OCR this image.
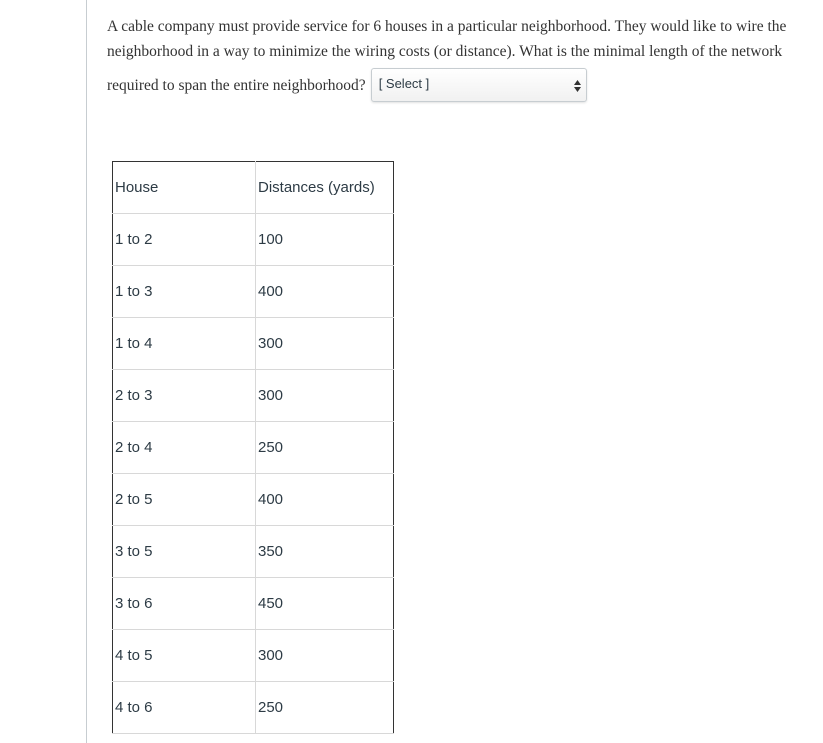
A cable company must provide service for 6 houses in a particular neighborhood. They would like to wire the
neighborhood in a way to minimize the wiring costs (or distance). What is the minimal length of the network
required to span the entire neighborhood? [ Select ]
House	Distances (yards)
1 to 2	100
1 to 3	400
1 to 4	300
2 to 3	300
2 to 4	250
2 to 5	400
3 to 5	350
3 to 6	450
4 to 5	300
4 to 6	250
